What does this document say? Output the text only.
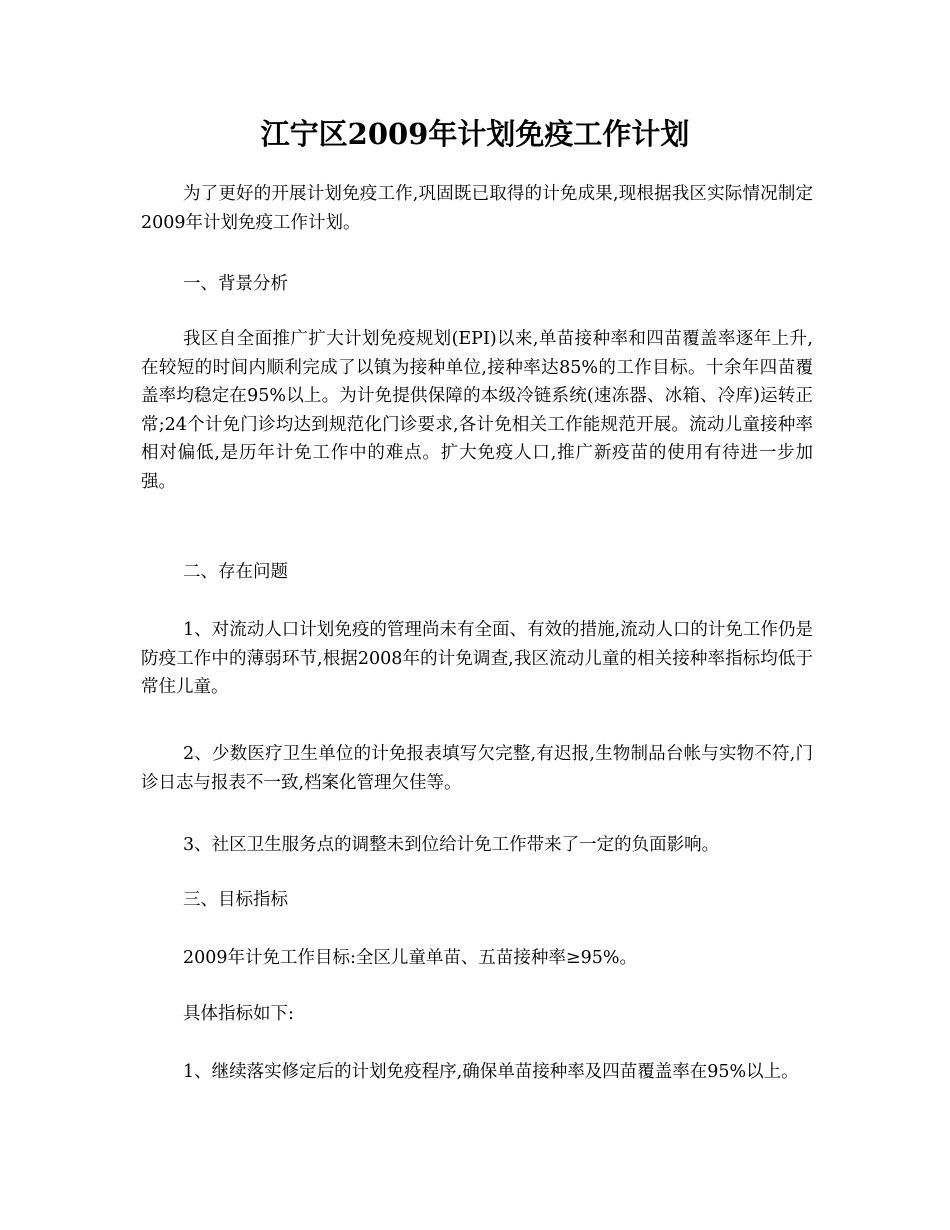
江宁区2009年计划免疫工作计划

为了更好的开展计划免疫工作,巩固既已取得的计免成果,现根据我区实际情况制定2009年计划免疫工作计划。

一、背景分析

我区自全面推广扩大计划免疫规划(EPI)以来,单苗接种率和四苗覆盖率逐年上升,在较短的时间内顺利完成了以镇为接种单位,接种率达85%的工作目标。十余年四苗覆盖率均稳定在95%以上。为计免提供保障的本级冷链系统(速冻器、冰箱、冷库)运转正常;24个计免门诊均达到规范化门诊要求,各计免相关工作能规范开展。流动儿童接种率相对偏低,是历年计免工作中的难点。扩大免疫人口,推广新疫苗的使用有待进一步加强。

二、存在问题

1、对流动人口计划免疫的管理尚未有全面、有效的措施,流动人口的计免工作仍是防疫工作中的薄弱环节,根据2008年的计免调查,我区流动儿童的相关接种率指标均低于常住儿童。

2、少数医疗卫生单位的计免报表填写欠完整,有迟报,生物制品台帐与实物不符,门诊日志与报表不一致,档案化管理欠佳等。

3、社区卫生服务点的调整未到位给计免工作带来了一定的负面影响。

三、目标指标

2009年计免工作目标:全区儿童单苗、五苗接种率≥95%。

具体指标如下:

1、继续落实修定后的计划免疫程序,确保单苗接种率及四苗覆盖率在95%以上。
